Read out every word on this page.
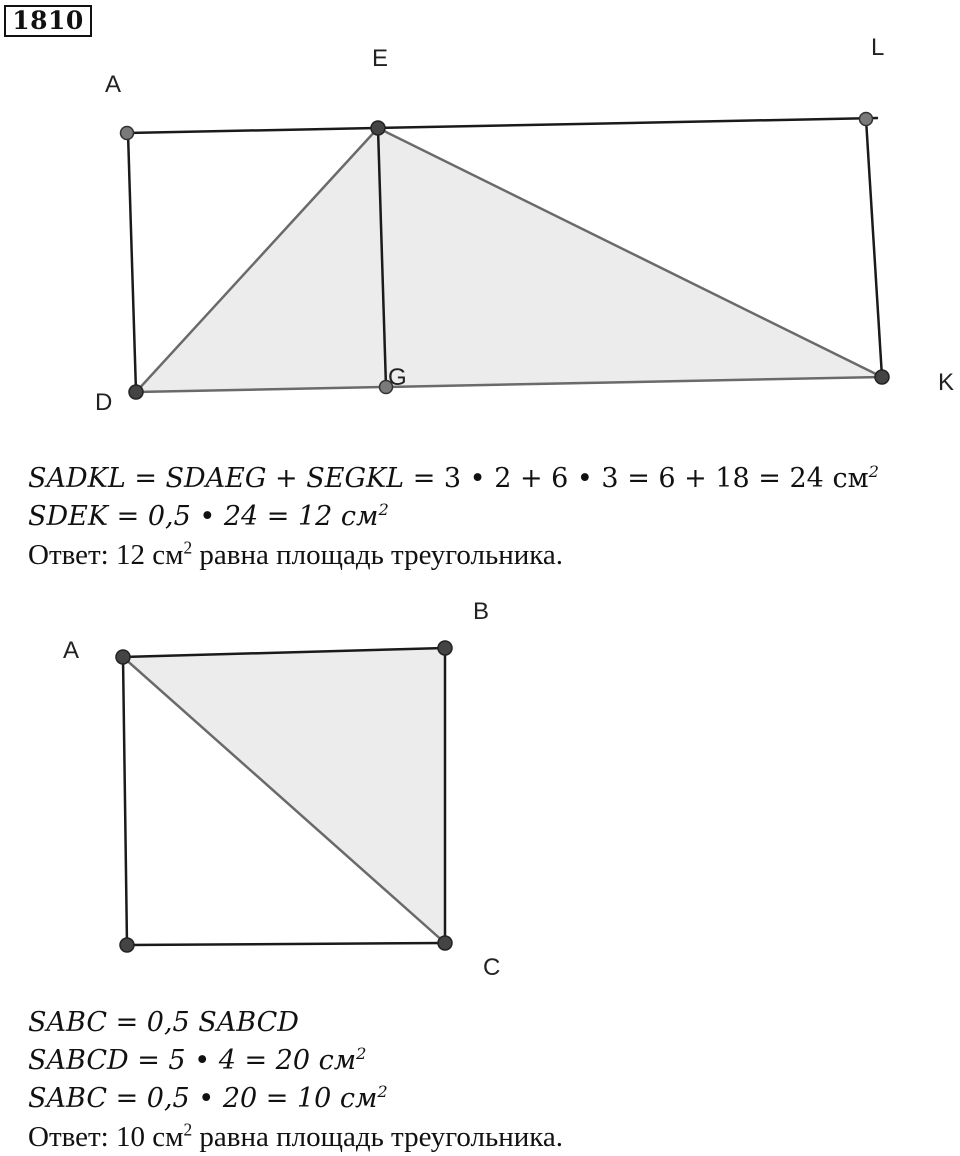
1810
A
E	L
D
G	K
SADKL = SDAEG + SEGKL = 3 • 2 + 6 • 3 = 6 + 18 = 24 $см^2$
SDEK = 0,5 • 24 = 12 $см^2$
Ответ: 12 $см^2$ равна площадь треугольника.
A
B
C
SABC = 0,5 SABCD
SABCD = 5 • 4 = 20 $см^2$
SABC = 0,5 • 20 = 10 $см^2$
Ответ: 10 $см^2$ равна площадь треугольника.
